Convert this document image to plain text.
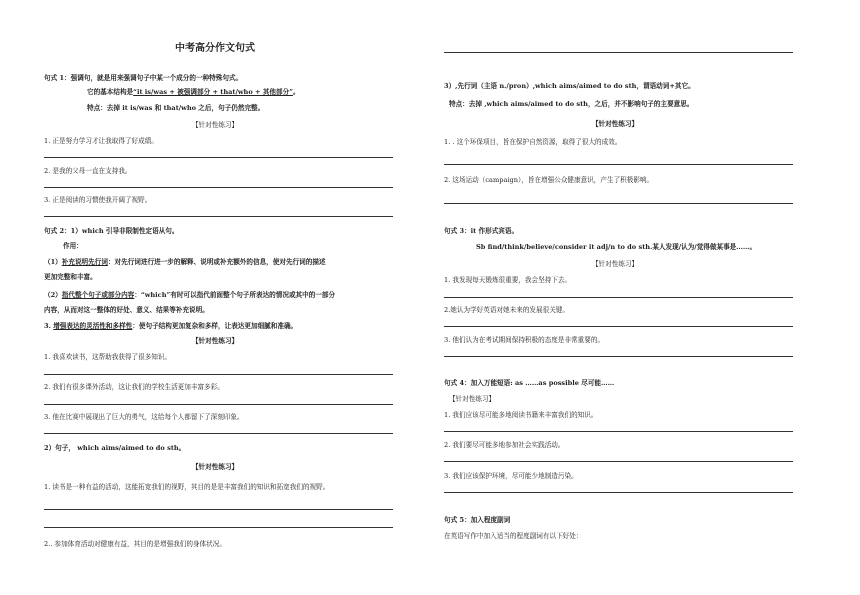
中考高分作文句式
句式 1：强调句，就是用来强调句子中某一个成分的一种特殊句式。
它的基本结构是“it is/was + 被强调部分 + that/who + 其他部分”。
特点：去掉 it is/was 和 that/who 之后，句子仍然完整。
【针对性练习】
1. 正是努力学习才让我取得了好成绩。
2. 是我的父母一直在支持我。
3. 正是阅读的习惯使我开阔了视野。
句式 2：1）which 引导非限制性定语从句。
作用：
（1）补充说明先行词：对先行词进行进一步的解释、说明或补充额外的信息，使对先行词的描述
更加完整和丰富。
（2）指代整个句子或部分内容：“which”有时可以指代前面整个句子所表达的情况或其中的一部分
内容，从而对这一整体的好处、意义、结果等补充说明。
3. 增强表达的灵活性和多样性：使句子结构更加复杂和多样，让表达更加细腻和准确。
【针对性练习】
1. 我喜欢读书，这帮助我获得了很多知识。
2. 我们有很多课外活动，这让我们的学校生活更加丰富多彩。
3. 他在比赛中展现出了巨大的勇气，这给每个人都留下了深刻印象。
2）句子， which aims/aimed to do sth。
【针对性练习】
1. 读书是一种有益的活动，这能拓宽我们的视野，其目的是是丰富我们的知识和拓宽我们的视野。
2.. 参加体育活动对健康有益，其目的是增强我们的身体状况。
3）,先行词（主语 n./pron）,which aims/aimed to do sth，谓语动词+其它。
特点：去掉 ,which aims/aimed to do sth，之后，并不影响句子的主要意思。
【针对性练习】
1. . 这个环保项目，旨在保护自然资源，取得了很大的成效。
2. 这场运动（campaign），旨在增强公众健康意识，产生了积极影响。
句式 3：it 作形式宾语。
Sb find/think/believe/consider it adj/n to do sth.某人发现/认为/觉得做某事是……。
【针对性练习】
1. 我发现每天锻炼很重要，我会坚持下去。
2.她认为学好英语对她未来的发展很关键。
3. 他们认为在考试期间保持积极的态度是非常重要的。
句式 4：加入万能短语: as ……as possible 尽可能……
【针对性练习】
1. 我们应该尽可能多地阅读书籍来丰富我们的知识。
2. 我们要尽可能多地参加社会实践活动。
3. 我们应该保护环境，尽可能少地制造污染。
句式 5：加入程度副词
在英语写作中加入适当的程度副词有以下好处：
